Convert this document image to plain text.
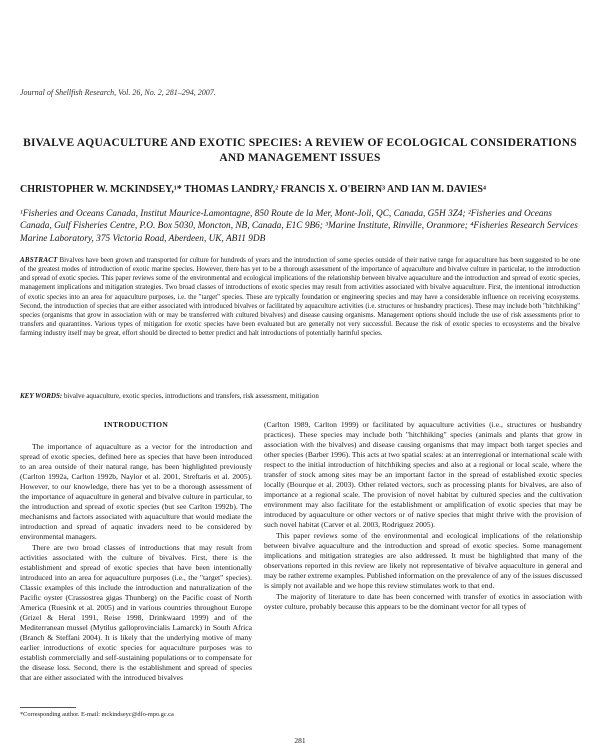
Journal of Shellfish Research, Vol. 26, No. 2, 281–294, 2007.
BIVALVE AQUACULTURE AND EXOTIC SPECIES: A REVIEW OF ECOLOGICAL CONSIDERATIONS AND MANAGEMENT ISSUES
CHRISTOPHER W. MCKINDSEY,¹* THOMAS LANDRY,² FRANCIS X. O'BEIRN³ AND IAN M. DAVIES⁴
¹Fisheries and Oceans Canada, Institut Maurice-Lamontagne, 850 Route de la Mer, Mont-Joli, QC, Canada, G5H 3Z4; ²Fisheries and Oceans Canada, Gulf Fisheries Centre, P.O. Box 5030, Moncton, NB, Canada, E1C 9B6; ³Marine Institute, Rinville, Oranmore; ⁴Fisheries Research Services Marine Laboratory, 375 Victoria Road, Aberdeen, UK, AB11 9DB
ABSTRACT Bivalves have been grown and transported for culture for hundreds of years and the introduction of some species outside of their native range for aquaculture has been suggested to be one of the greatest modes of introduction of exotic marine species. However, there has yet to be a thorough assessment of the importance of aquaculture and bivalve culture in particular, to the introduction and spread of exotic species. This paper reviews some of the environmental and ecological implications of the relationship between bivalve aquaculture and the introduction and spread of exotic species, management implications and mitigation strategies. Two broad classes of introductions of exotic species may result from activities associated with bivalve aquaculture. First, the intentional introduction of exotic species into an area for aquaculture purposes, i.e. the "target" species. These are typically foundation or engineering species and may have a considerable influence on receiving ecosystems. Second, the introduction of species that are either associated with introduced bivalves or facilitated by aquaculture activities (i.e. structures or husbandry practices). These may include both "hitchhiking" species (organisms that grow in association with or may be transferred with cultured bivalves) and disease causing organisms. Management options should include the use of risk assessments prior to transfers and quarantines. Various types of mitigation for exotic species have been evaluated but are generally not very successful. Because the risk of exotic species to ecosystems and the bivalve farming industry itself may be great, effort should be directed to better predict and halt introductions of potentially harmful species.
KEY WORDS: bivalve aquaculture, exotic species, introductions and transfers, risk assessment, mitigation
INTRODUCTION

The importance of aquaculture as a vector for the introduction and spread of exotic species, defined here as species that have been introduced to an area outside of their natural range, has been highlighted previously (Carlton 1992a, Carlton 1992b, Naylor et al. 2001, Streftaris et al. 2005). However, to our knowledge, there has yet to be a thorough assessment of the importance of aquaculture in general and bivalve culture in particular, to the introduction and spread of exotic species (but see Carlton 1992b). The mechanisms and factors associated with aquaculture that would mediate the introduction and spread of aquatic invaders need to be considered by environmental managers.

There are two broad classes of introductions that may result from activities associated with the culture of bivalves. First, there is the establishment and spread of exotic species that have been intentionally introduced into an area for aquaculture purposes (i.e., the "target" species). Classic examples of this include the introduction and naturalization of the Pacific oyster (Crassostrea gigas Thunberg) on the Pacific coast of North America (Ruesink et al. 2005) and in various countries throughout Europe (Grizel & Heral 1991, Reise 1998, Drinkwaard 1999) and of the Mediterranean mussel (Mytilus galloprovincialis Lamarck) in South Africa (Branch & Steffani 2004). It is likely that the underlying motive of many earlier introductions of exotic species for aquaculture purposes was to establish commercially and self-sustaining populations or to compensate for the disease loss. Second, there is the establishment and spread of species that are either associated with the introduced bivalves

(Carlton 1989, Carlton 1999) or facilitated by aquaculture activities (i.e., structures or husbandry practices). These species may include both "hitchhiking" species (animals and plants that grow in association with the bivalves) and disease causing organisms that may impact both target species and other species (Barber 1996). This acts at two spatial scales: at an interregional or international scale with respect to the initial introduction of hitchhiking species and also at a regional or local scale, where the transfer of stock among sites may be an important factor in the spread of established exotic species locally (Bourque et al. 2003). Other related vectors, such as processing plants for bivalves, are also of importance at a regional scale. The provision of novel habitat by cultured species and the cultivation environment may also facilitate for the establishment or amplification of exotic species that may be introduced by aquaculture or other vectors or of native species that might thrive with the provision of such novel habitat (Carver et al. 2003, Rodriguez 2005).

This paper reviews some of the environmental and ecological implications of the relationship between bivalve aquaculture and the introduction and spread of exotic species. Some management implications and mitigation strategies are also addressed. It must be highlighted that many of the observations reported in this review are likely not representative of bivalve aquaculture in general and may be rather extreme examples. Published information on the prevalence of any of the issues discussed is simply not available and we hope this review stimulates work to that end.

The majority of literature to date has been concerned with transfer of exotics in association with oyster culture, probably because this appears to be the dominant vector for all types of

*Corresponding author. E-mail: mckindseyc@dfo-mpo.gc.ca
281
